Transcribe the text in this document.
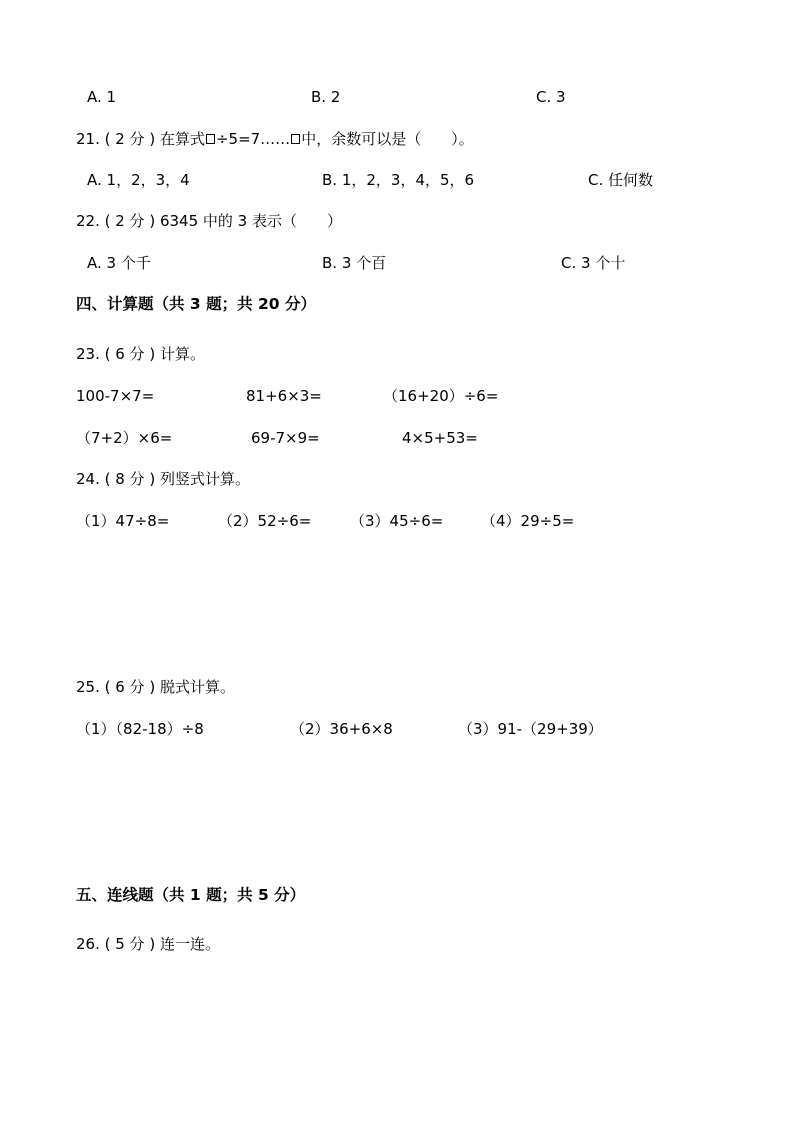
A. 1	B. 2	C. 3
21. ( 2 分 ) 在算式 ÷5=7…… 中，余数可以是（　　）。
A. 1，2，3，4	B. 1，2，3，4，5，6	C. 任何数
22. ( 2 分 ) 6345 中的 3 表示（　　）
A. 3 个千	B. 3 个百	C. 3 个十
四、计算题（共 3 题；共 20 分）
23. ( 6 分 ) 计算。
100-7×7=	81+6×3=	（16+20）÷6=
（7+2）×6=	69-7×9=	4×5+53=
24. ( 8 分 ) 列竖式计算。
（1）47÷8=	（2）52÷6=	（3）45÷6=	（4）29÷5=
25. ( 6 分 ) 脱式计算。
（1）（82-18）÷8	（2）36+6×8	（3）91-（29+39）
五、连线题（共 1 题；共 5 分）
26. ( 5 分 ) 连一连。
